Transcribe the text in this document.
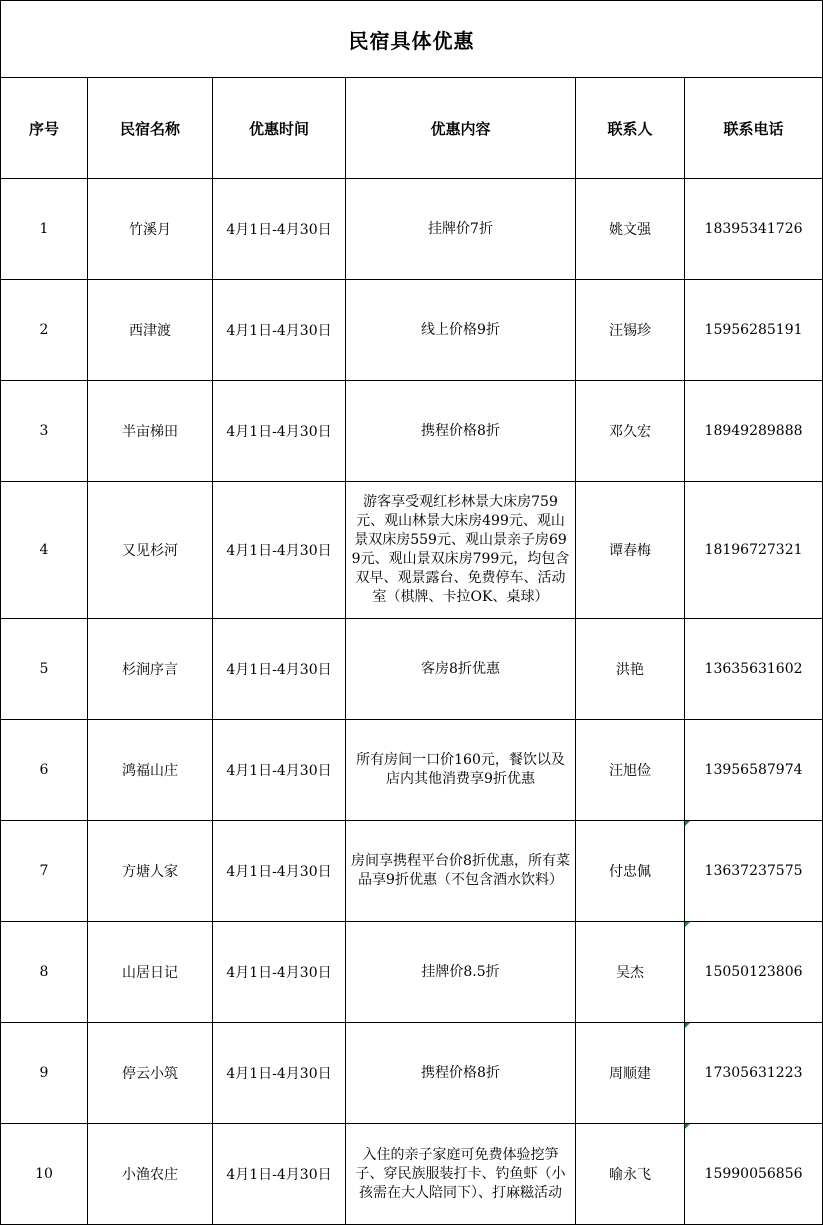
民宿具体优惠					
序号	民宿名称	优惠时间	优惠内容	联系人	联系电话
1	竹溪月	4月1日-4月30日	挂牌价7折	姚文强	18395341726
2	西津渡	4月1日-4月30日	线上价格9折	汪锡珍	15956285191
3	半亩梯田	4月1日-4月30日	携程价格8折	邓久宏	18949289888
4	又见杉河	4月1日-4月30日	游客享受观红杉林景大床房759元、观山林景大床房499元、观山景双床房559元、观山景亲子房699元、观山景双床房799元，均包含双早、观景露台、免费停车、活动室（棋牌、卡拉OK、桌球）	谭春梅	18196727321
5	杉涧序言	4月1日-4月30日	客房8折优惠	洪艳	13635631602
6	鸿福山庄	4月1日-4月30日	所有房间一口价160元，餐饮以及店内其他消费享9折优惠	汪旭俭	13956587974
7	方塘人家	4月1日-4月30日	房间享携程平台价8折优惠，所有菜品享9折优惠（不包含酒水饮料）	付忠佩	13637237575
8	山居日记	4月1日-4月30日	挂牌价8.5折	吴杰	15050123806
9	停云小筑	4月1日-4月30日	携程价格8折	周顺建	17305631223
10	小渔农庄	4月1日-4月30日	入住的亲子家庭可免费体验挖笋子、穿民族服装打卡、钓鱼虾（小孩需在大人陪同下）、打麻糍活动	喻永飞	15990056856
